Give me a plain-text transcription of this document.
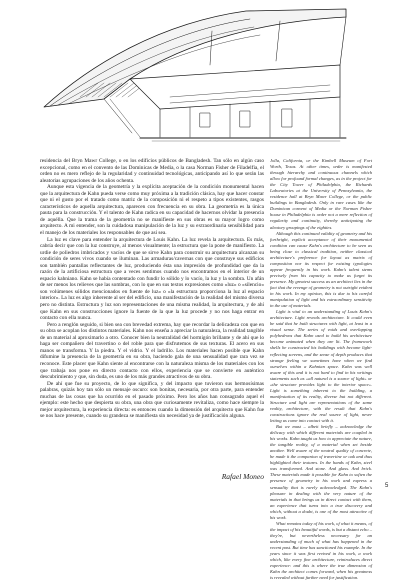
residencia del Bryn Mawr College, o en los edificios públicos de Bangladesh. Tan sólo en algún caso excepcional, como en el convento de las Dominicas de Media, o la casa Norman Fisher de Filadelfia, el orden no es mero reflejo de la regularidad y continuidad tecnológicas, anticipando así lo que serán las aleatorias agrupaciones de los años ochenta.

Aunque esta vigencia de la geometría y la explícita aceptación de la condición monumental hacen que la arquitectura de Kahn pueda verse como muy próxima a la tradición clásica, hay que hacer constar que ni el gusto por el tratado como matriz de la composición ni el respeto a tipos existentes, rasgos característicos de aquella arquitectura, aparecen con frecuencia en su obra. La geometría es la única pauta para la construcción. Y el talento de Kahn radica en su capacidad de hacernos olvidar la presencia de aquélla. Que la trama de la geometría no se manifieste en sus obras es su mayor logro como arquitecto. A mi entender, son la cuidadosa manipulación de la luz y su extraordinaria sensibilidad para el manejo de los materiales los responsables de que así sea.

La luz es clave para entender la arquitectura de Louis Kahn. La luz revela la arquitectura. Es más, cabría decir que con la luz construye, al menos visualmente; la estructura que la pone de manifiesto. La urdie de poliedros imbricados y vacíos de que se sirve Kahn para construir su arquitectura alcanzan su condición de seres vivos cuando se iluminan. Las armaduras/cavernas con que construye sus edificios son también pantallas reflectantes de luz, produciendo ésta una impresión de profundidad que da la razón de la artificiosa estructura que a veces sentimos cuando nos encontramos en el interior de un espacio kahniano. Kahn se había contentado con fundir lo sólido y lo vacío, la luz y la sombra. Un afán de ser menos los relieves que las sombras, con lo que en sus textos expresiones como «luz» o «silencio» son volúmenes sólidos mencionados en fuente de luz» o «la estructura proporciona la luz al espacio interior». La luz es algo inherente al ser del edificio, una manifestación de la realidad del mismo diversa pero no distinta. Estructura y luz son representaciones de una misma realidad, la arquitectura, y de ahí que Kahn en sus construcciones ignore la fuente de la que la luz procede y no nos haga entrar en contacto con ella nunca.

Pero a renglón seguido, si bien sea con brevedad extrema, hay que recordar la delicadeza con que en su obra se acoplan los distintos materiales. Kahn nos enseña a apreciar la naturaleza, la realidad tangible de un material al aproximarlo a otro. Conocer bien la neutralidad del hormigón brillante y de ahí que lo haga ser compañero del travertino o del roble para que disfrutemos de sus texturas. El acero en sus manos se transforma. Y la piedra. Y el vidrio. Y el ladrillo. Los materiales hacen posible que Kahn difumine la presencia de la geometría en su obra, haciendo gala de una sensualidad que rara vez se reconoce. Este placer que Kahn siente al encontrarse con la naturaleza misma de los materiales con los que trabaja nos pone en directo contacto con ellos, experiencia que se convierte en auténtico descubrimiento y que, sin duda, es uno de los más grandes atractivos de su obra.

De ahí que fue su proyecto, de lo que significa, y del impacto que tuvieron sus hermosísimas palabras, quizás hoy tan sólo un mensaje oscuro: son bonitas, necesaria, por otra parte, para entender muchas de las cosas que ha ocurrido en el pasado próximo. Pero los años han consagrado aquel el ejemplo: este hecho que despierta su obra, una obra que curiosamente revitaliza, como hace siempre la mejor arquitectura, la experiencia directa: es entonces cuando la dimensión del arquitecto que Kahn fue se nos hace presente, cuando su grandeza se manifiesta sin necesidad ya de justificación alguna.

Jolla, California, or the Kimbell Museum of Fort Worth, Texas. At other times, order is manifested through hierarchy and continuous channels which allow for profound formal changes, as in the project for the City Tower of Philadelphia, the Richards Laboratories at the University of Pennsylvania, the residence hall at Bryn Mawr College, or the public buildings in Bangladesh. Only in rare cases like the Dominican convent of Media or the Norman Fisher house in Philadelphia is order not a mere reflection of regularity and continuity, thereby anticipating the aleatory groupings of the eighties.

Although this continued validity of geometry and his forthright, explicit acceptance of their monumental condition can cause Kahn's architecture to be seen as being close to classical tradition, neither classical architecture's preference for layout as matrix of composition nor its respect for existing typologies appear frequently in his work. Kahn's talent stems precisely from his capacity to make us forget its presence. My greatest success as an architect lies in the fact that the revenge of geometry is not outright evident in his work. In my opinion, this is due to his careful manipulation of light and his extraordinary sensitivity in the use of materials.

Light is vital to an understanding of Louis Kahn's architecture. Light reveals architecture. It could even be said that he built structures with light, at least in a visual sense. The series of voids and overlapping polyhedrons that Kahn used to build his architecture become animated when they are lit. The framework shells he constructed his buildings with become light-reflecting screens, and the sense of depth produces that strange feeling we sometimes have when we find ourselves within a Kahnian space. Kahn was well aware of this and it is not hard to find in his writings statements such as «all natural is a source of light» or «the structure provides light to the interior space». Light is something inherent to the building, a manifestation of its reality, diverse but not different. Structure and light are representations of the same reality, architecture, with the result that Kahn's constructions ignore the real source of light, never letting us come into contact with it.

But we must – albeit briefly – acknowledge the delicacy with which different materials are coupled in his works. Kahn taught us how to appreciate the nature, the tangible reality, of a material when set beside another. Well aware of the neutral quality of concrete, he made it the companion of travertine or oak and thus highlighted their textures. In the hands of Kahn, steel was transformed. And stone. And glass. And brick. These materials made it possible for Kahn to soften the presence of geometry in his work and express a sensuality that is rarely acknowledged. The Kahn's pleasure in dealing with the very nature of the materials in that brings us in direct contact with them, an experience that turns into a true discovery and which, without a doubt, is one of the most attractive of his work.

What remains today of his work, of what it means, of the impact of his beautiful words, is but a distant echo – they're, but nevertheless necessary for an understanding of much of what has happened in the recent past. But time has sanctioned his example. In the years since it was first revived in his work, a work which, like every fine architecture, reintroduces direct experience: and this is where the true dimension of Kahn the architect comes forward, when his greatness is revealed without further need for justification.

Rafael Moneo
5
